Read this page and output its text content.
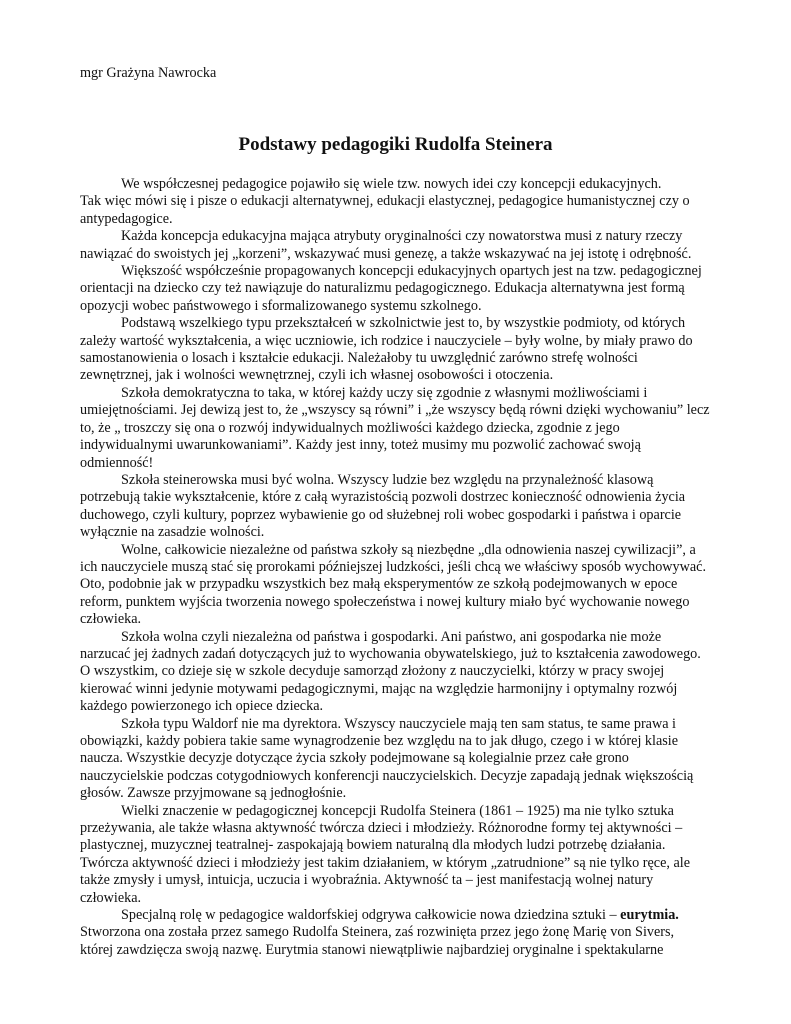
mgr Grażyna Nawrocka
Podstawy pedagogiki Rudolfa Steinera
We współczesnej pedagogice pojawiło się wiele tzw. nowych idei czy koncepcji edukacyjnych.
Tak więc mówi się i pisze o edukacji alternatywnej, edukacji elastycznej, pedagogice humanistycznej czy o
antypedagogice.
Każda koncepcja edukacyjna mająca atrybuty oryginalności czy nowatorstwa musi z natury rzeczy
nawiązać do swoistych jej „korzeni”, wskazywać musi genezę, a także wskazywać na jej istotę i odrębność.
Większość współcześnie propagowanych koncepcji edukacyjnych opartych jest na tzw. pedagogicznej
orientacji na dziecko czy też nawiązuje do naturalizmu pedagogicznego. Edukacja alternatywna jest formą
opozycji wobec państwowego i sformalizowanego systemu szkolnego.
Podstawą wszelkiego typu przekształceń w szkolnictwie jest to, by wszystkie podmioty, od których
zależy wartość wykształcenia, a więc uczniowie, ich rodzice i nauczyciele – były wolne, by miały prawo do
samostanowienia o losach i kształcie edukacji. Należałoby tu uwzględnić zarówno strefę wolności
zewnętrznej, jak i wolności wewnętrznej, czyli ich własnej osobowości i otoczenia.
Szkoła demokratyczna to taka, w której każdy uczy się zgodnie z własnymi możliwościami i
umiejętnościami. Jej dewizą jest to, że „wszyscy są równi” i „że wszyscy będą równi dzięki wychowaniu” lecz
to, że „ troszczy się ona o rozwój indywidualnych możliwości każdego dziecka, zgodnie z jego
indywidualnymi uwarunkowaniami”. Każdy jest inny, toteż musimy mu pozwolić zachować swoją
odmienność!
Szkoła steinerowska musi być wolna. Wszyscy ludzie bez względu na przynależność klasową
potrzebują takie wykształcenie, które z całą wyrazistością pozwoli dostrzec konieczność odnowienia życia
duchowego, czyli kultury, poprzez wybawienie go od służebnej roli wobec gospodarki i państwa i oparcie
wyłącznie na zasadzie wolności.
Wolne, całkowicie niezależne od państwa szkoły są niezbędne „dla odnowienia naszej cywilizacji”, a
ich nauczyciele muszą stać się prorokami późniejszej ludzkości, jeśli chcą we właściwy sposób wychowywać.
Oto, podobnie jak w przypadku wszystkich bez małą eksperymentów ze szkołą podejmowanych w epoce
reform, punktem wyjścia tworzenia nowego społeczeństwa i nowej kultury miało być wychowanie nowego
człowieka.
Szkoła wolna czyli niezależna od państwa i gospodarki. Ani państwo, ani gospodarka nie może
narzucać jej żadnych zadań dotyczących już to wychowania obywatelskiego, już to kształcenia zawodowego.
O wszystkim, co dzieje się w szkole decyduje samorząd złożony z nauczycielki, którzy w pracy swojej
kierować winni jedynie motywami pedagogicznymi, mając na względzie harmonijny i optymalny rozwój
każdego powierzonego ich opiece dziecka.
Szkoła typu Waldorf nie ma dyrektora. Wszyscy nauczyciele mają ten sam status, te same prawa i
obowiązki, każdy pobiera takie same wynagrodzenie bez względu na to jak długo, czego i w której klasie
naucza. Wszystkie decyzje dotyczące życia szkoły podejmowane są kolegialnie przez całe grono
nauczycielskie podczas cotygodniowych konferencji nauczycielskich. Decyzje zapadają jednak większością
głosów. Zawsze przyjmowane są jednogłośnie.
Wielki znaczenie w pedagogicznej koncepcji Rudolfa Steinera (1861 – 1925) ma nie tylko sztuka
przeżywania, ale także własna aktywność twórcza dzieci i młodzieży. Różnorodne formy tej aktywności –
plastycznej, muzycznej teatralnej- zaspokajają bowiem naturalną dla młodych ludzi potrzebę działania.
Twórcza aktywność dzieci i młodzieży jest takim działaniem, w którym „zatrudnione” są nie tylko ręce, ale
także zmysły i umysł, intuicja, uczucia i wyobraźnia. Aktywność ta – jest manifestacją wolnej natury
człowieka.
Specjalną rolę w pedagogice waldorfskiej odgrywa całkowicie nowa dziedzina sztuki – eurytmia.
Stworzona ona została przez samego Rudolfa Steinera, zaś rozwinięta przez jego żonę Marię von Sivers,
której zawdzięcza swoją nazwę. Eurytmia stanowi niewątpliwie najbardziej oryginalne i spektakularne
